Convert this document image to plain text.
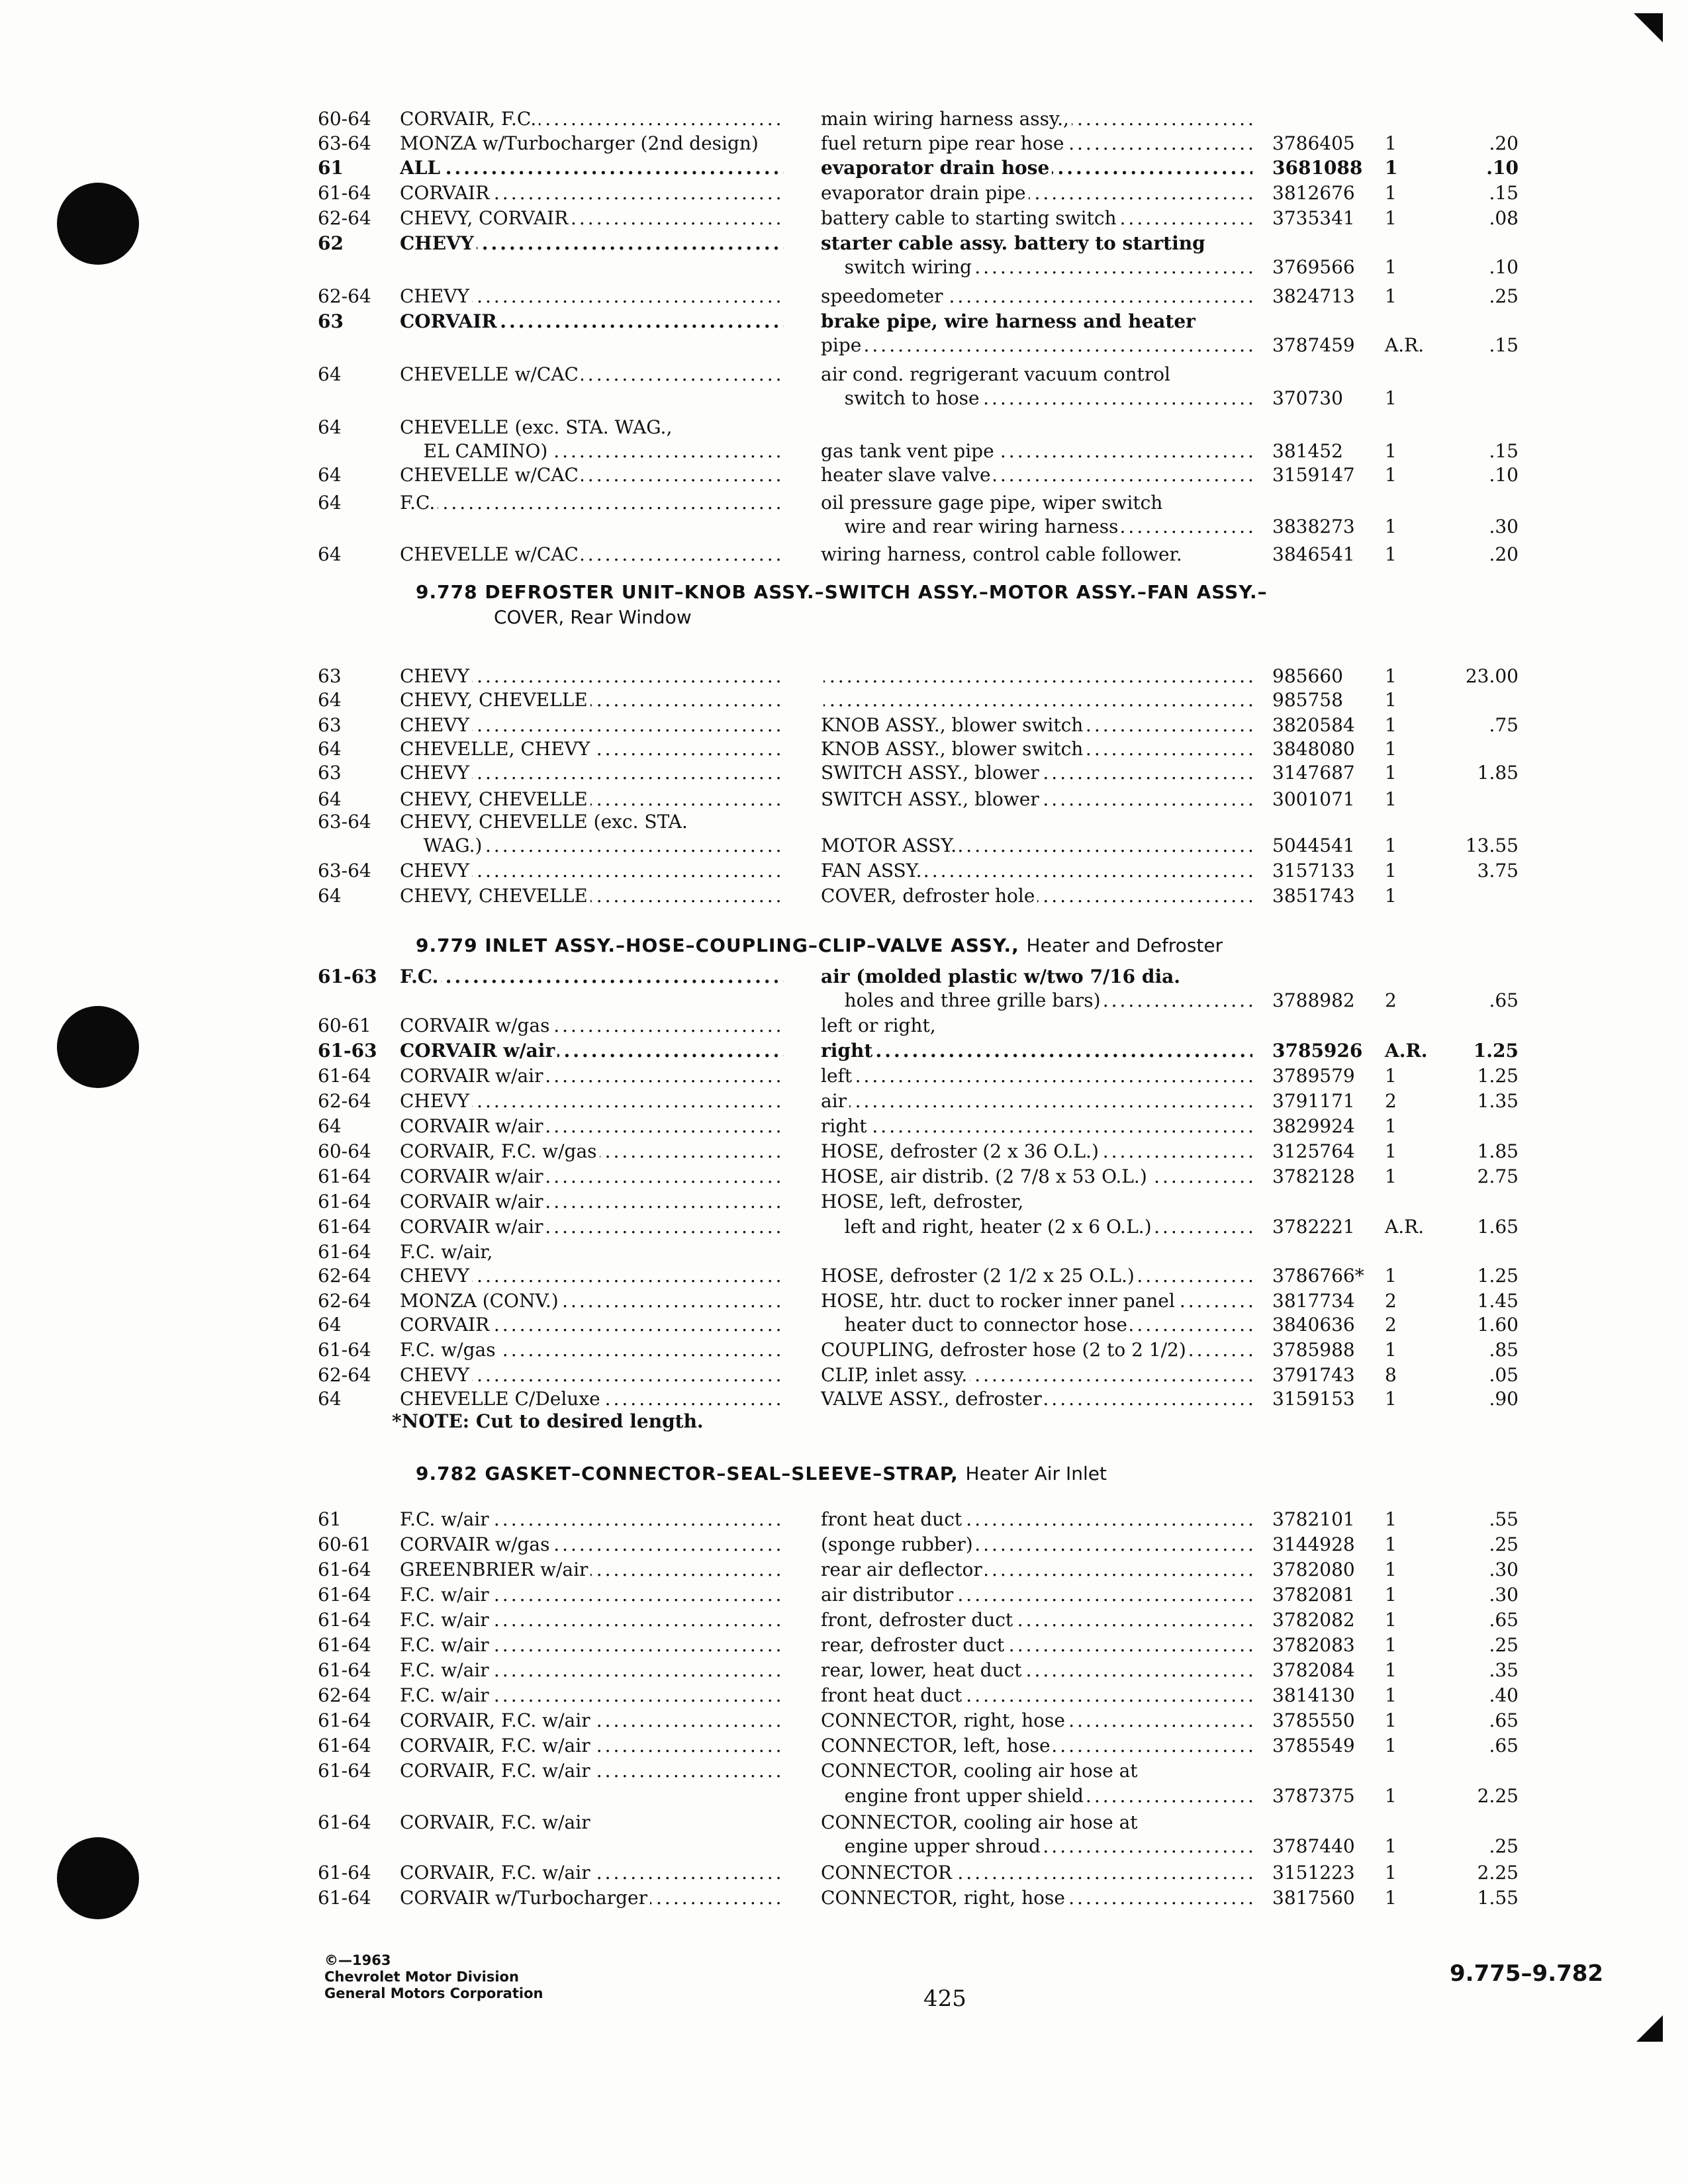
9.778 DEFROSTER UNIT–KNOB ASSY.–SWITCH ASSY.–MOTOR ASSY.–FAN ASSY.–
COVER, Rear Window
9.779 INLET ASSY.–HOSE–COUPLING–CLIP–VALVE ASSY., Heater and Defroster
9.782 GASKET–CONNECTOR–SEAL–SLEEVE–STRAP, Heater Air Inlet
60-64	CORVAIR, F.C. .....	main wiring harness assy., .....
63-64	MONZA w/Turbocharger (2nd design)	fuel return pipe rear hose .....	3786405	1	.20
61	ALL .....	evaporator drain hose .....	3681088	1	.10
61-64	CORVAIR .....	evaporator drain pipe .....	3812676	1	.15
62-64	CHEVY, CORVAIR .....	battery cable to starting switch .....	3735341	1	.08
62	CHEVY .....	starter cable assy. battery to starting
switch wiring .....	3769566	1	.10
62-64	CHEVY .....	speedometer .....	3824713	1	.25
63	CORVAIR .....	brake pipe, wire harness and heater
pipe .....	3787459	A.R.	.15
64	CHEVELLE w/CAC .....	air cond. regrigerant vacuum control
switch to hose .....	370730	1
64	CHEVELLE (exc. STA. WAG.,
EL CAMINO) .....	gas tank vent pipe .....	381452	1	.15
64	CHEVELLE w/CAC .....	heater slave valve .....	3159147	1	.10
64	F.C. .....	oil pressure gage pipe, wiper switch
wire and rear wiring harness .....	3838273	1	.30
64	CHEVELLE w/CAC .....	wiring harness, control cable follower.	3846541	1	.20
63	CHEVY ..... .....	985660	1	23.00
64	CHEVY, CHEVELLE ..... .....	985758	1
63	CHEVY .....	KNOB ASSY., blower switch .....	3820584	1	.75
64	CHEVELLE, CHEVY .....	KNOB ASSY., blower switch .....	3848080	1
63	CHEVY .....	SWITCH ASSY., blower .....	3147687	1	1.85
64	CHEVY, CHEVELLE .....	SWITCH ASSY., blower .....	3001071	1
63-64	CHEVY, CHEVELLE (exc. STA.
WAG.) .....	MOTOR ASSY. .....	5044541	1	13.55
63-64	CHEVY .....	FAN ASSY. .....	3157133	1	3.75
64	CHEVY, CHEVELLE .....	COVER, defroster hole .....	3851743	1
61-63	F.C. .....	air (molded plastic w/two 7/16 dia.
holes and three grille bars) .....	3788982	2	.65
60-61	CORVAIR w/gas .....	left or right,
61-63	CORVAIR w/air .....	right .....	3785926	A.R.	1.25
61-64	CORVAIR w/air .....	left .....	3789579	1	1.25
62-64	CHEVY .....	air .....	3791171	2	1.35
64	CORVAIR w/air .....	right .....	3829924	1
60-64	CORVAIR, F.C. w/gas .....	HOSE, defroster (2 x 36 O.L.) .....	3125764	1	1.85
61-64	CORVAIR w/air .....	HOSE, air distrib. (2 7/8 x 53 O.L.) .....	3782128	1	2.75
61-64	CORVAIR w/air .....	HOSE, left, defroster,
61-64	CORVAIR w/air .....	left and right, heater (2 x 6 O.L.) .....	3782221	A.R.	1.65
61-64	F.C. w/air,
62-64	CHEVY .....	HOSE, defroster (2 1/2 x 25 O.L.) .....	3786766*	1	1.25
62-64	MONZA (CONV.) .....	HOSE, htr. duct to rocker inner panel .....	3817734	2	1.45
64	CORVAIR .....	heater duct to connector hose .....	3840636	2	1.60
61-64	F.C. w/gas .....	COUPLING, defroster hose (2 to 2 1/2) .....	3785988	1	.85
62-64	CHEVY .....	CLIP, inlet assy. .....	3791743	8	.05
64	CHEVELLE C/Deluxe .....	VALVE ASSY., defroster .....	3159153	1	.90
61	F.C. w/air .....	front heat duct .....	3782101	1	.55
60-61	CORVAIR w/gas .....	(sponge rubber) .....	3144928	1	.25
61-64	GREENBRIER w/air .....	rear air deflector .....	3782080	1	.30
61-64	F.C. w/air .....	air distributor .....	3782081	1	.30
61-64	F.C. w/air .....	front, defroster duct .....	3782082	1	.65
61-64	F.C. w/air .....	rear, defroster duct .....	3782083	1	.25
61-64	F.C. w/air .....	rear, lower, heat duct .....	3782084	1	.35
62-64	F.C. w/air .....	front heat duct .....	3814130	1	.40
61-64	CORVAIR, F.C. w/air .....	CONNECTOR, right, hose .....	3785550	1	.65
61-64	CORVAIR, F.C. w/air .....	CONNECTOR, left, hose .....	3785549	1	.65
61-64	CORVAIR, F.C. w/air .....	CONNECTOR, cooling air hose at
engine front upper shield .....	3787375	1	2.25
61-64	CORVAIR, F.C. w/air	CONNECTOR, cooling air hose at
engine upper shroud .....	3787440	1	.25
61-64	CORVAIR, F.C. w/air .....	CONNECTOR .....	3151223	1	2.25
61-64	CORVAIR w/Turbocharger .....	CONNECTOR, right, hose .....	3817560	1	1.55
*NOTE: Cut to desired length.
©—1963
Chevrolet Motor Division
General Motors Corporation	425
9.775–9.782
